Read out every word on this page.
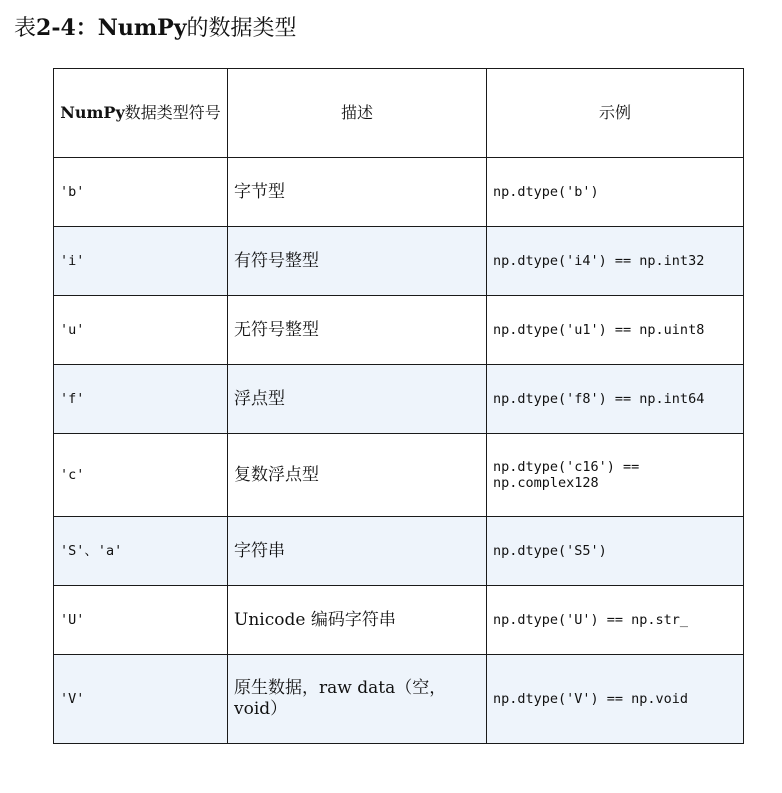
表2-4：NumPy的数据类型
NumPy数据类型符号	描述	示例
'b'	字节型	np.dtype('b')
'i'	有符号整型	np.dtype('i4') == np.int32
'u'	无符号整型	np.dtype('u1') == np.uint8
'f'	浮点型	np.dtype('f8') == np.int64
'c'	复数浮点型	np.dtype('c16') == np.complex128
'S'、'a'	字符串	np.dtype('S5')
'U'	Unicode 编码字符串	np.dtype('U') == np.str_
'V'	原生数据，raw data（空，void）	np.dtype('V') == np.void
